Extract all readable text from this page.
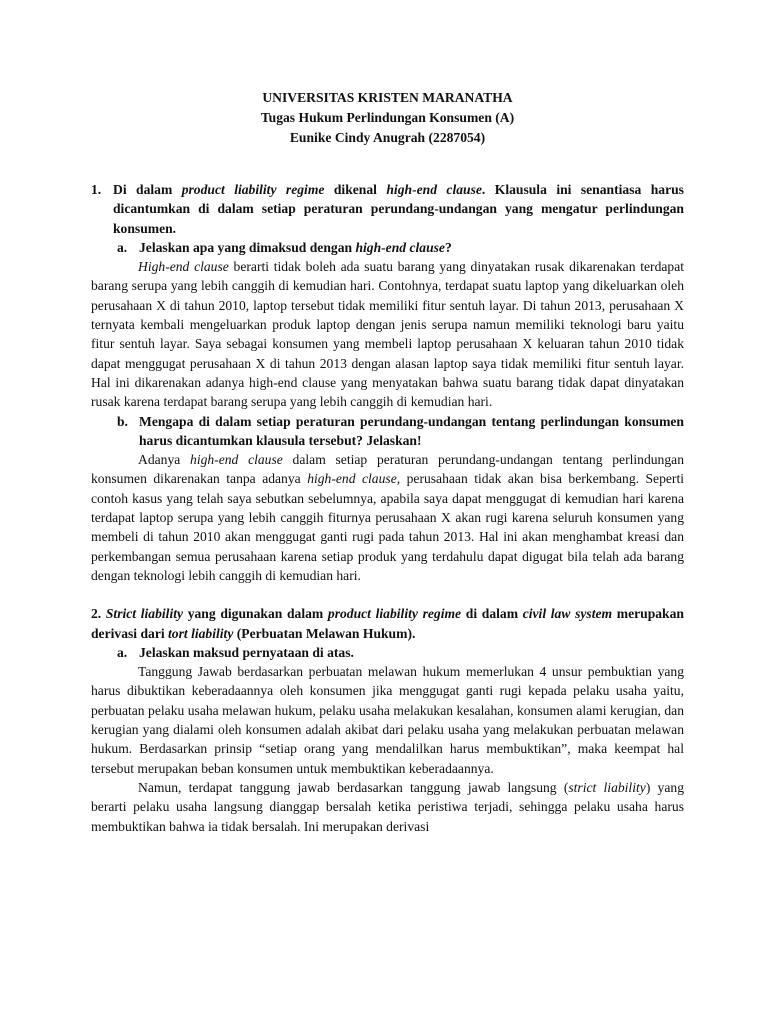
UNIVERSITAS KRISTEN MARANATHA
Tugas Hukum Perlindungan Konsumen (A)
Eunike Cindy Anugrah (2287054)
1. Di dalam product liability regime dikenal high-end clause. Klausula ini senantiasa harus dicantumkan di dalam setiap peraturan perundang-undangan yang mengatur perlindungan konsumen.
a. Jelaskan apa yang dimaksud dengan high-end clause?

High-end clause berarti tidak boleh ada suatu barang yang dinyatakan rusak dikarenakan terdapat barang serupa yang lebih canggih di kemudian hari. Contohnya, terdapat suatu laptop yang dikeluarkan oleh perusahaan X di tahun 2010, laptop tersebut tidak memiliki fitur sentuh layar. Di tahun 2013, perusahaan X ternyata kembali mengeluarkan produk laptop dengan jenis serupa namun memiliki teknologi baru yaitu fitur sentuh layar. Saya sebagai konsumen yang membeli laptop perusahaan X keluaran tahun 2010 tidak dapat menggugat perusahaan X di tahun 2013 dengan alasan laptop saya tidak memiliki fitur sentuh layar. Hal ini dikarenakan adanya high-end clause yang menyatakan bahwa suatu barang tidak dapat dinyatakan rusak karena terdapat barang serupa yang lebih canggih di kemudian hari.

b. Mengapa di dalam setiap peraturan perundang-undangan tentang perlindungan konsumen harus dicantumkan klausula tersebut? Jelaskan!

Adanya high-end clause dalam setiap peraturan perundang-undangan tentang perlindungan konsumen dikarenakan tanpa adanya high-end clause, perusahaan tidak akan bisa berkembang. Seperti contoh kasus yang telah saya sebutkan sebelumnya, apabila saya dapat menggugat di kemudian hari karena terdapat laptop serupa yang lebih canggih fiturnya perusahaan X akan rugi karena seluruh konsumen yang membeli di tahun 2010 akan menggugat ganti rugi pada tahun 2013. Hal ini akan menghambat kreasi dan perkembangan semua perusahaan karena setiap produk yang terdahulu dapat digugat bila telah ada barang dengan teknologi lebih canggih di kemudian hari.

2. Strict liability yang digunakan dalam product liability regime di dalam civil law system merupakan derivasi dari tort liability (Perbuatan Melawan Hukum).
a. Jelaskan maksud pernyataan di atas.

Tanggung Jawab berdasarkan perbuatan melawan hukum memerlukan 4 unsur pembuktian yang harus dibuktikan keberadaannya oleh konsumen jika menggugat ganti rugi kepada pelaku usaha yaitu, perbuatan pelaku usaha melawan hukum, pelaku usaha melakukan kesalahan, konsumen alami kerugian, dan kerugian yang dialami oleh konsumen adalah akibat dari pelaku usaha yang melakukan perbuatan melawan hukum. Berdasarkan prinsip “setiap orang yang mendalilkan harus membuktikan”, maka keempat hal tersebut merupakan beban konsumen untuk membuktikan keberadaannya.

Namun, terdapat tanggung jawab berdasarkan tanggung jawab langsung (strict liability) yang berarti pelaku usaha langsung dianggap bersalah ketika peristiwa terjadi, sehingga pelaku usaha harus membuktikan bahwa ia tidak bersalah. Ini merupakan derivasi
